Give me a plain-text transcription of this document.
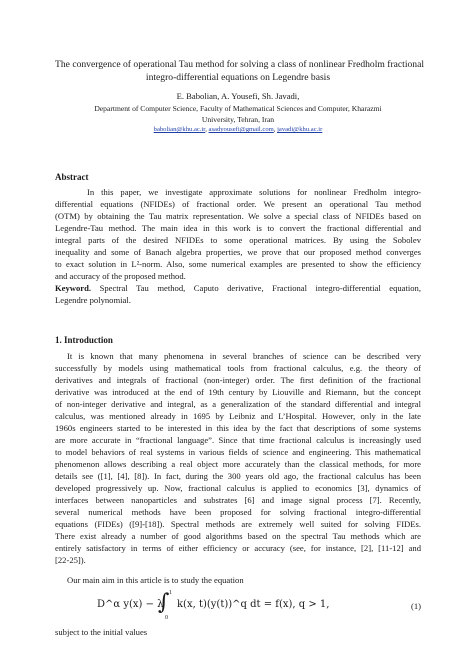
The convergence of operational Tau method for solving a class of nonlinear Fredholm fractional
integro-differential equations on Legendre basis
E. Babolian, A. Yousefi, Sh. Javadi,
Department of Computer Science, Faculty of Mathematical Sciences and Computer, Kharazmi
University, Tehran, Iran
babolian@khu.ac.ir, asadyousefi@gmail.com, javadi@khu.ac.ir
Abstract
In this paper, we investigate approximate solutions for nonlinear Fredholm integro-
differential equations (NFIDEs) of fractional order. We present an operational Tau method
(OTM) by obtaining the Tau matrix representation. We solve a special class of NFIDEs based on
Legendre-Tau method. The main idea in this work is to convert the fractional differential and
integral parts of the desired NFIDEs to some operational matrices. By using the Sobolev
inequality and some of Banach algebra properties, we prove that our proposed method converges
to exact solution in L²-norm. Also, some numerical examples are presented to show the efficiency
and accuracy of the proposed method.
Keyword. Spectral Tau method, Caputo derivative, Fractional integro-differential equation,
Legendre polynomial.
1. Introduction
It is known that many phenomena in several branches of science can be described very
successfully by models using mathematical tools from fractional calculus, e.g. the theory of
derivatives and integrals of fractional (non-integer) order. The first definition of the fractional
derivative was introduced at the end of 19th century by Liouville and Riemann, but the concept
of non-integer derivative and integral, as a generalization of the standard differential and integral
calculus, was mentioned already in 1695 by Leibniz and L’Hospital. However, only in the late
1960s engineers started to be interested in this idea by the fact that descriptions of some systems
are more accurate in “fractional language”. Since that time fractional calculus is increasingly used
to model behaviors of real systems in various fields of science and engineering. This mathematical
phenomenon allows describing a real object more accurately than the classical methods, for more
details see ([1], [4], [8]). In fact, during the 300 years old ago, the fractional calculus has been
developed progressively up. Now, fractional calculus is applied to economics [3], dynamics of
interfaces between nanoparticles and substrates [6] and image signal process [7]. Recently,
several numerical methods have been proposed for solving fractional integro-differential
equations (FIDEs) ([9]-[18]). Spectral methods are extremely well suited for solving FIDEs.
There exist already a number of good algorithms based on the spectral Tau methods which are
entirely satisfactory in terms of either efficiency or accuracy (see, for instance, [2], [11-12] and
[22-25]).
Our main aim in this article is to study the equation
D^α y(x) − λ
∫ 1
0
k(x, t)(y(t))^q dt = f(x), q > 1,	(1)
subject to the initial values
